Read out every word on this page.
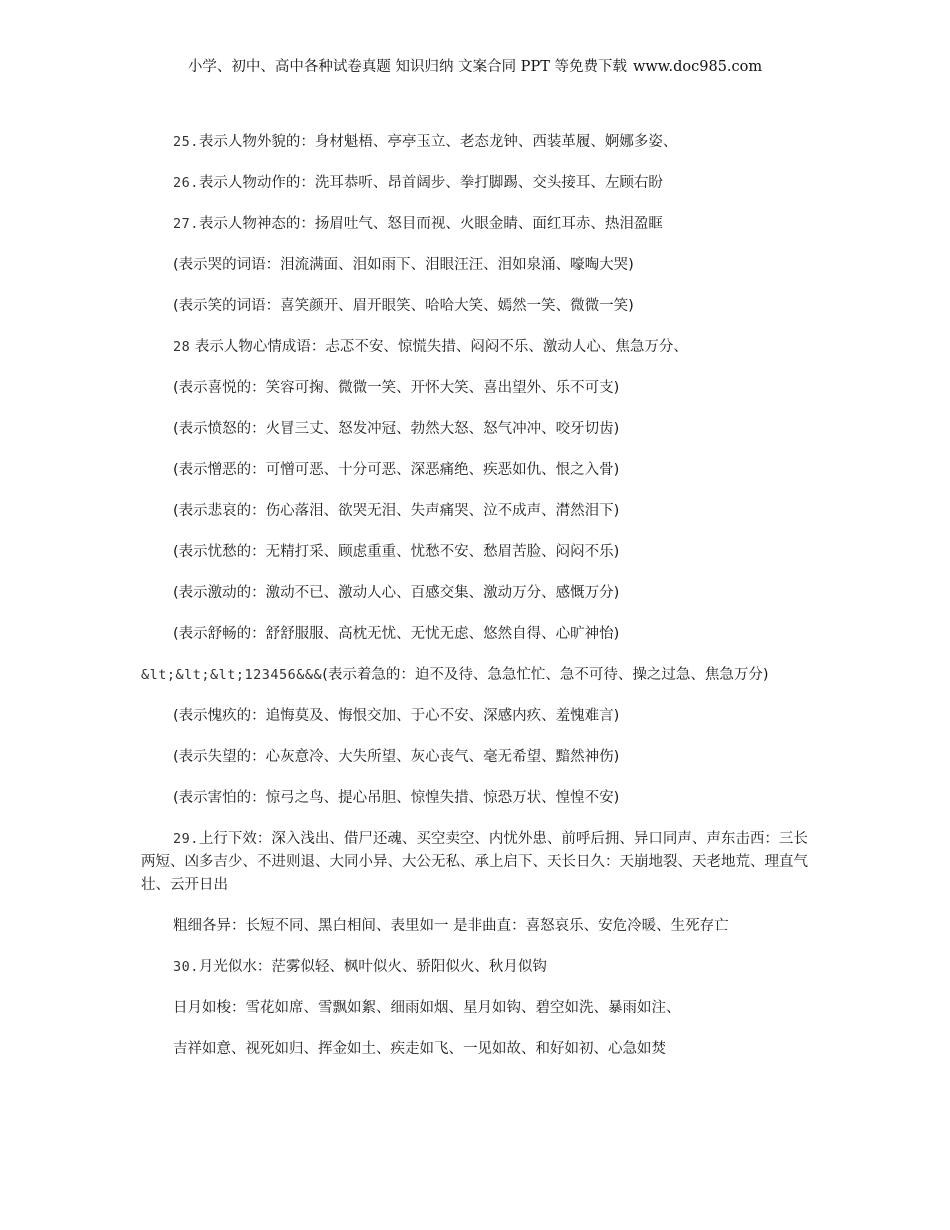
小学、初中、高中各种试卷真题 知识归纳 文案合同 PPT 等免费下载 www.doc985.com
25.表示人物外貌的：身材魁梧、亭亭玉立、老态龙钟、西装革履、婀娜多姿、
26.表示人物动作的：洗耳恭听、昂首阔步、拳打脚踢、交头接耳、左顾右盼
27.表示人物神态的：扬眉吐气、怒目而视、火眼金睛、面红耳赤、热泪盈眶
(表示哭的词语：泪流满面、泪如雨下、泪眼汪汪、泪如泉涌、嚎啕大哭)
(表示笑的词语：喜笑颜开、眉开眼笑、哈哈大笑、嫣然一笑、微微一笑)
28 表示人物心情成语：忐忑不安、惊慌失措、闷闷不乐、激动人心、焦急万分、
(表示喜悦的：笑容可掬、微微一笑、开怀大笑、喜出望外、乐不可支)
(表示愤怒的：火冒三丈、怒发冲冠、勃然大怒、怒气冲冲、咬牙切齿)
(表示憎恶的：可憎可恶、十分可恶、深恶痛绝、疾恶如仇、恨之入骨)
(表示悲哀的：伤心落泪、欲哭无泪、失声痛哭、泣不成声、潸然泪下)
(表示忧愁的：无精打采、顾虑重重、忧愁不安、愁眉苦脸、闷闷不乐)
(表示激动的：激动不已、激动人心、百感交集、激动万分、感慨万分)
(表示舒畅的：舒舒服服、高枕无忧、无忧无虑、悠然自得、心旷神怡)
&lt;&lt;&lt;123456&&&(表示着急的：迫不及待、急急忙忙、急不可待、操之过急、焦急万分)
(表示愧疚的：追悔莫及、悔恨交加、于心不安、深感内疚、羞愧难言)
(表示失望的：心灰意冷、大失所望、灰心丧气、毫无希望、黯然神伤)
(表示害怕的：惊弓之鸟、提心吊胆、惊惶失措、惊恐万状、惶惶不安)
29.上行下效：深入浅出、借尸还魂、买空卖空、内忧外患、前呼后拥、异口同声、声东击西：三长两短、凶多吉少、不进则退、大同小异、大公无私、承上启下、天长日久：天崩地裂、天老地荒、理直气壮、云开日出
粗细各异：长短不同、黑白相间、表里如一 是非曲直：喜怒哀乐、安危冷暖、生死存亡
30.月光似水：茫雾似轻、枫叶似火、骄阳似火、秋月似钩
日月如梭：雪花如席、雪飘如絮、细雨如烟、星月如钩、碧空如洗、暴雨如注、
吉祥如意、视死如归、挥金如土、疾走如飞、一见如故、和好如初、心急如焚
